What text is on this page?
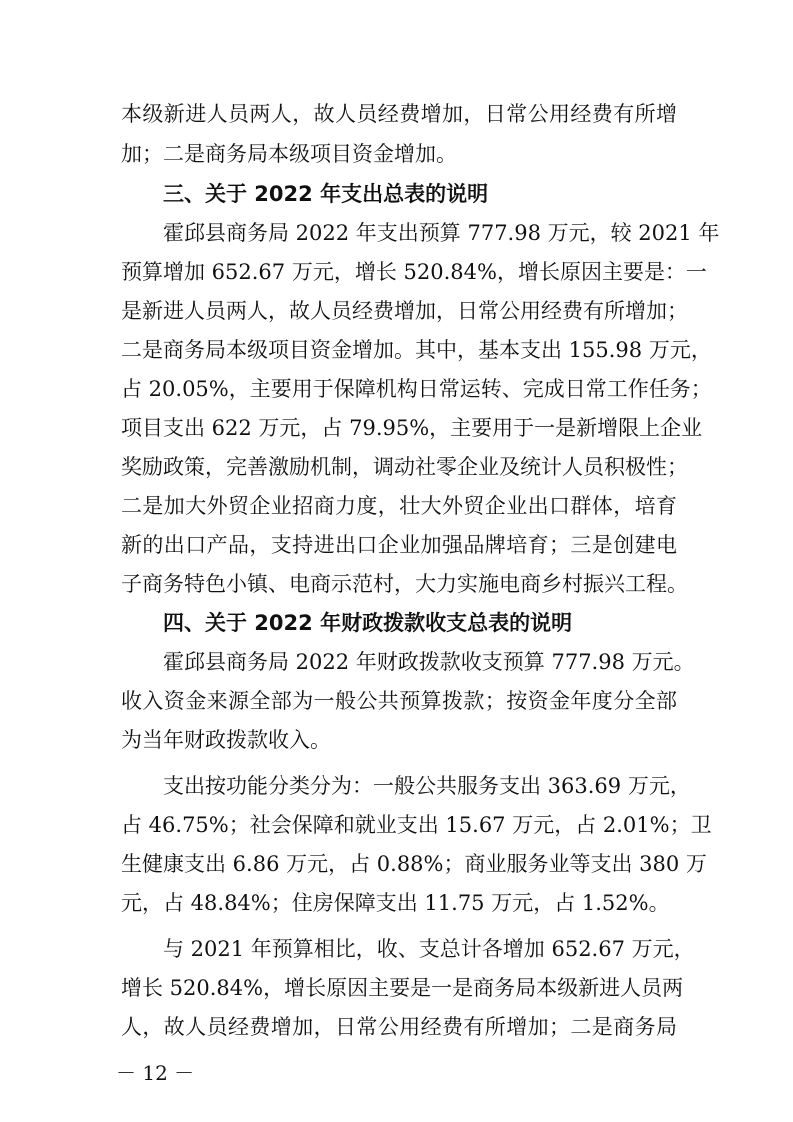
本级新进人员两人，故人员经费增加，日常公用经费有所增
加；二是商务局本级项目资金增加。
三、关于 2022 年支出总表的说明
霍邱县商务局 2022 年支出预算 777.98 万元，较 2021 年
预算增加 652.67 万元，增长 520.84%，增长原因主要是：一
是新进人员两人，故人员经费增加，日常公用经费有所增加；
二是商务局本级项目资金增加。其中，基本支出 155.98 万元，
占 20.05%，主要用于保障机构日常运转、完成日常工作任务；
项目支出 622 万元，占 79.95%，主要用于一是新增限上企业
奖励政策，完善激励机制，调动社零企业及统计人员积极性；
二是加大外贸企业招商力度，壮大外贸企业出口群体，培育
新的出口产品，支持进出口企业加强品牌培育；三是创建电
子商务特色小镇、电商示范村，大力实施电商乡村振兴工程。
四、关于 2022 年财政拨款收支总表的说明
霍邱县商务局 2022 年财政拨款收支预算 777.98 万元。
收入资金来源全部为一般公共预算拨款；按资金年度分全部
为当年财政拨款收入。
支出按功能分类分为：一般公共服务支出 363.69 万元，
占 46.75%；社会保障和就业支出 15.67 万元，占 2.01%；卫
生健康支出 6.86 万元，占 0.88%；商业服务业等支出 380 万
元，占 48.84%；住房保障支出 11.75 万元，占 1.52%。
与 2021 年预算相比，收、支总计各增加 652.67 万元，
增长 520.84%，增长原因主要是一是商务局本级新进人员两
人，故人员经费增加，日常公用经费有所增加；二是商务局
－ 12 －
